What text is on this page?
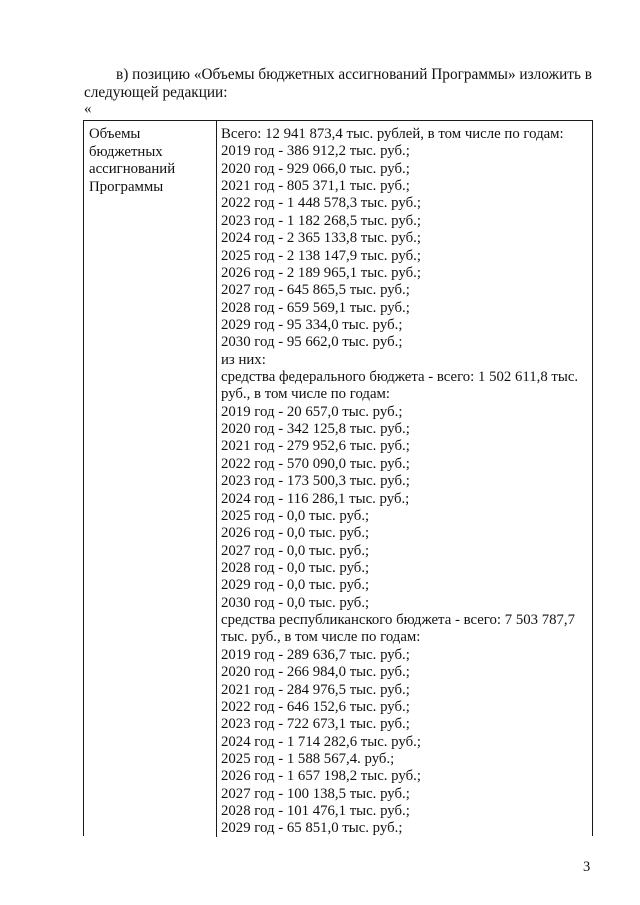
в) позицию «Объемы бюджетных ассигнований Программы» изложить в
следующей редакции:
«
Объемы
бюджетных
ассигнований
Программы
Всего: 12 941 873,4 тыс. рублей, в том числе по годам:
2019 год - 386 912,2 тыс. руб.;
2020 год - 929 066,0 тыс. руб.;
2021 год - 805 371,1 тыс. руб.;
2022 год - 1 448 578,3 тыс. руб.;
2023 год - 1 182 268,5 тыс. руб.;
2024 год - 2 365 133,8 тыс. руб.;
2025 год - 2 138 147,9 тыс. руб.;
2026 год - 2 189 965,1 тыс. руб.;
2027 год - 645 865,5 тыс. руб.;
2028 год - 659 569,1 тыс. руб.;
2029 год - 95 334,0 тыс. руб.;
2030 год - 95 662,0 тыс. руб.;
из них:
средства федерального бюджета - всего: 1 502 611,8 тыс.
руб., в том числе по годам:
2019 год - 20 657,0 тыс. руб.;
2020 год - 342 125,8 тыс. руб.;
2021 год - 279 952,6 тыс. руб.;
2022 год - 570 090,0 тыс. руб.;
2023 год - 173 500,3 тыс. руб.;
2024 год - 116 286,1 тыс. руб.;
2025 год - 0,0 тыс. руб.;
2026 год - 0,0 тыс. руб.;
2027 год - 0,0 тыс. руб.;
2028 год - 0,0 тыс. руб.;
2029 год - 0,0 тыс. руб.;
2030 год - 0,0 тыс. руб.;
средства республиканского бюджета - всего: 7 503 787,7
тыс. руб., в том числе по годам:
2019 год - 289 636,7 тыс. руб.;
2020 год - 266 984,0 тыс. руб.;
2021 год - 284 976,5 тыс. руб.;
2022 год - 646 152,6 тыс. руб.;
2023 год - 722 673,1 тыс. руб.;
2024 год - 1 714 282,6 тыс. руб.;
2025 год - 1 588 567,4. руб.;
2026 год - 1 657 198,2 тыс. руб.;
2027 год - 100 138,5 тыс. руб.;
2028 год - 101 476,1 тыс. руб.;
2029 год - 65 851,0 тыс. руб.;
3
